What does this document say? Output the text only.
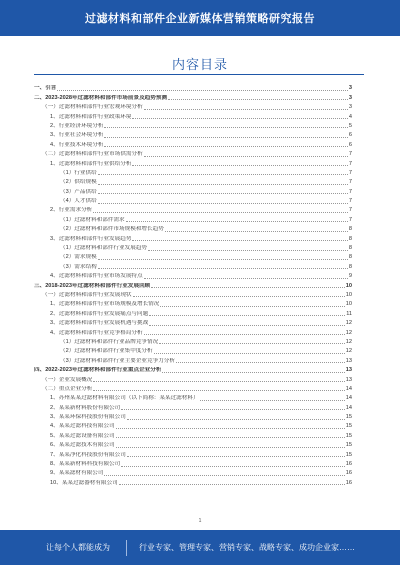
过滤材料和部件企业新媒体营销策略研究报告
内容目录
一、引言	3
二、2023-2028年过滤材料和部件市场前景及趋势预测	3
（一）过滤材料和部件行业宏观环境分析	3
1、过滤材料和部件行业政策环境	4
2、行业经济环境分析	5
3、行业社会环境分析	6
4、行业技术环境分析	6
（二）过滤材料和部件行业市场供需分析	7
1、过滤材料和部件行业供给分析	7
（1）行业供给	7
（2）供给规模	7
（3）产品供给	7
（4）人才供给	7
2、行业需求分析	7
（1）过滤材料和部件需求	7
（2）过滤材料和部件市场规模和增长趋势	8
3、过滤材料和部件行业发展趋势	8
（1）过滤材料和部件行业发展趋势	8
（2）需求规模	8
（3）需求结构	8
4、过滤材料和部件行业市场发展特点	9
三、2018-2023年过滤材料和部件行业发展回顾	10
（一）过滤材料和部件行业发展现状	10
1、过滤材料和部件行业市场规模及增长情况	10
2、过滤材料和部件行业发展痛点与问题	11
3、过滤材料和部件行业发展机遇与挑战	12
4、过滤材料和部件行业竞争格局分析	12
（1）过滤材料和部件行业品牌竞争情况	12
（2）过滤材料和部件行业集中度分析	12
（3）过滤材料和部件行业主要企业竞争力分析	13
四、2022-2023年过滤材料和部件行业重点企业分析	13
（一）企业发展概况	13
（二）重点企业分析	14
1、苏州某某过滤材料有限公司（以下简称：某某过滤材料）	14
2、某某新材料股份有限公司	14
3、某某环保科技股份有限公司	15
4、某某过滤科技有限公司	15
5、某某过滤设备有限公司	15
6、某某过滤技术有限公司	15
7、某某净化科技股份有限公司	15
8、某某新材料科技有限公司	16
9、某某滤材有限公司	16
10、某某过滤器材有限公司	16
1
让每个人都能成为	行业专家、管理专家、营销专家、战略专家、成功企业家……
